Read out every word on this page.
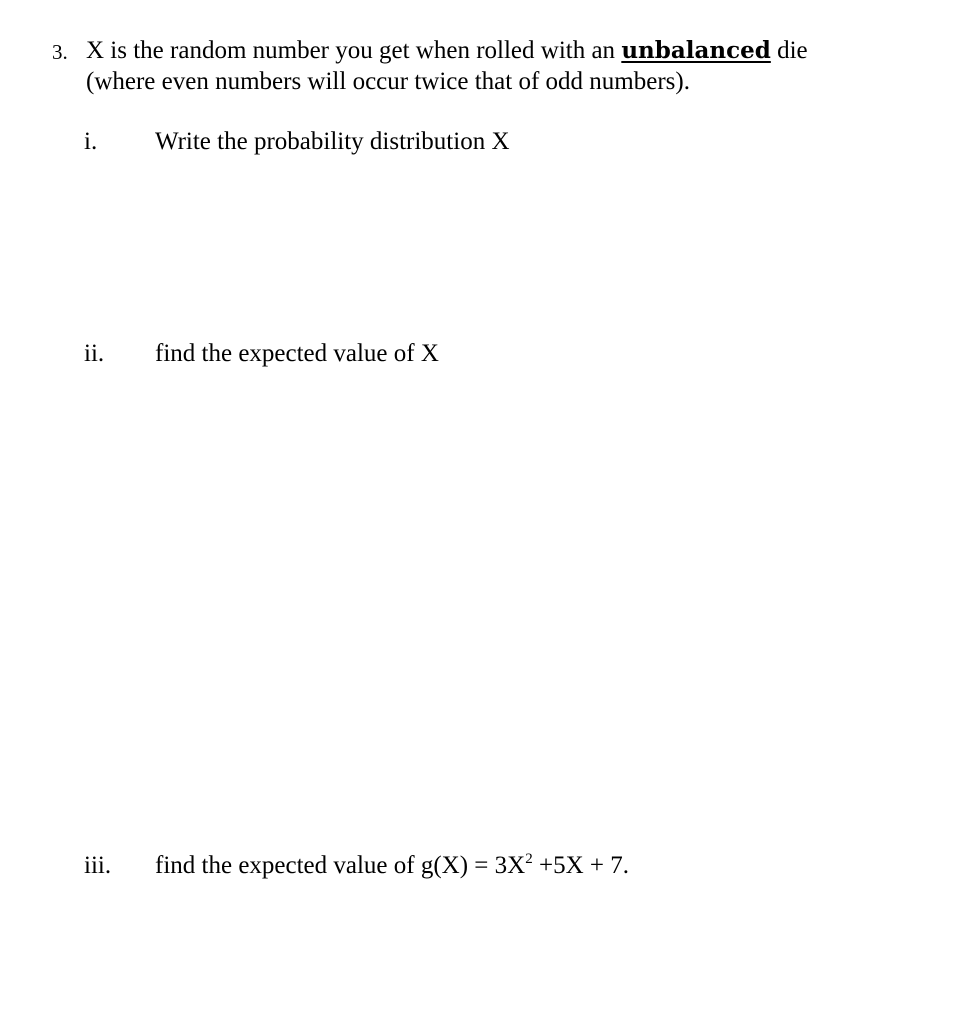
3. X is the random number you get when rolled with an unbalanced die
(where even numbers will occur twice that of odd numbers).
i. Write the probability distribution X
ii. find the expected value of X
iii. find the expected value of $g(X) = 3X^2 +5X + 7$.
